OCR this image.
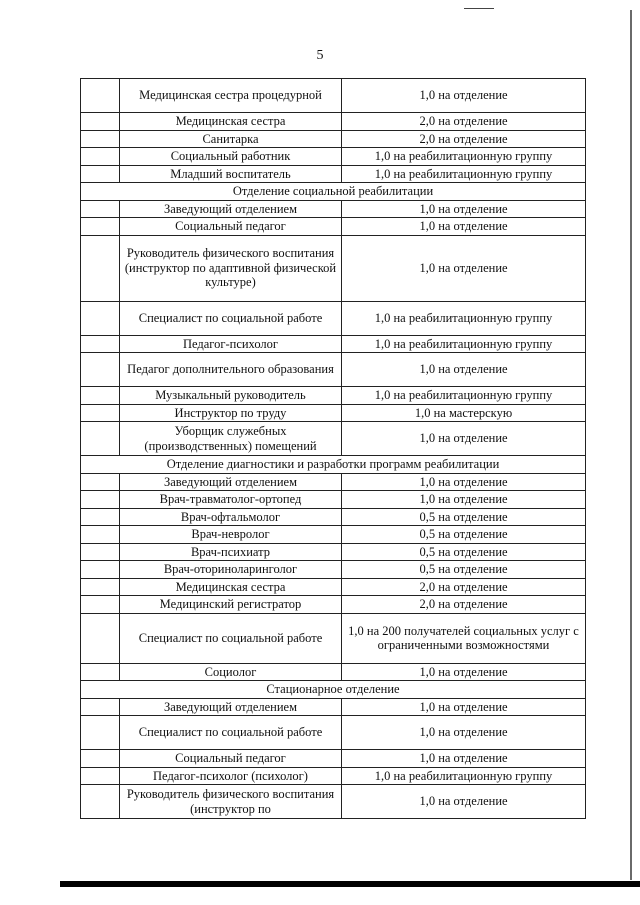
5
	Медицинская сестра процедурной	1,0 на отделение
	Медицинская сестра	2,0 на отделение
	Санитарка	2,0 на отделение
	Социальный работник	1,0 на реабилитационную группу
	Младший воспитатель	1,0 на реабилитационную группу
Отделение социальной реабилитации		
	Заведующий отделением	1,0 на отделение
	Социальный педагог	1,0 на отделение
	Руководитель физического воспитания (инструктор по адаптивной физической культуре)	1,0 на отделение
	Специалист по социальной работе	1,0 на реабилитационную группу
	Педагог-психолог	1,0 на реабилитационную группу
	Педагог дополнительного образования	1,0 на отделение
	Музыкальный руководитель	1,0 на реабилитационную группу
	Инструктор по труду	1,0 на мастерскую
	Уборщик служебных (производственных) помещений	1,0 на отделение
Отделение диагностики и разработки программ реабилитации		
	Заведующий отделением	1,0 на отделение
	Врач-травматолог-ортопед	1,0 на отделение
	Врач-офтальмолог	0,5 на отделение
	Врач-невролог	0,5 на отделение
	Врач-психиатр	0,5 на отделение
	Врач-оториноларинголог	0,5 на отделение
	Медицинская сестра	2,0 на отделение
	Медицинский регистратор	2,0 на отделение
	Специалист по социальной работе	1,0 на 200 получателей социальных услуг с ограниченными возможностями
	Социолог	1,0 на отделение
Стационарное отделение		
	Заведующий отделением	1,0 на отделение
	Специалист по социальной работе	1,0 на отделение
	Социальный педагог	1,0 на отделение
	Педагог-психолог (психолог)	1,0 на реабилитационную группу
	Руководитель физического воспитания (инструктор по	1,0 на отделение
